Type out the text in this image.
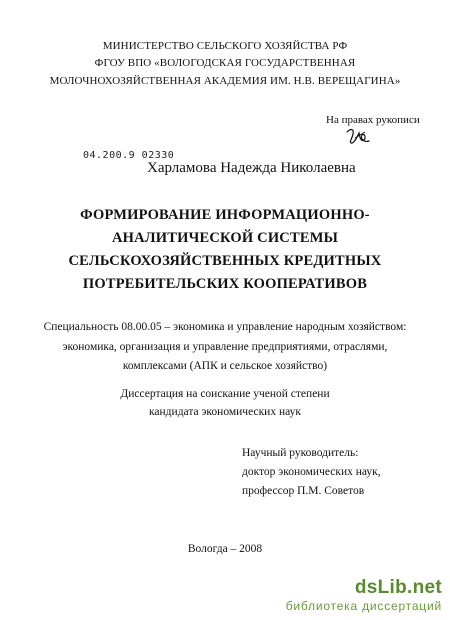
МИНИСТЕРСТВО СЕЛЬСКОГО ХОЗЯЙСТВА РФ
ФГОУ ВПО «ВОЛОГОДСКАЯ ГОСУДАРСТВЕННАЯ
МОЛОЧНОХОЗЯЙСТВЕННАЯ АКАДЕМИЯ ИМ. Н.В. ВЕРЕЩАГИНА»
На правах рукописи
04.200.9 02330
Харламова Надежда Николаевна
ФОРМИРОВАНИЕ ИНФОРМАЦИОННО-
АНАЛИТИЧЕСКОЙ СИСТЕМЫ
СЕЛЬСКОХОЗЯЙСТВЕННЫХ КРЕДИТНЫХ
ПОТРЕБИТЕЛЬСКИХ КООПЕРАТИВОВ
Специальность 08.00.05 – экономика и управление народным хозяйством:
экономика, организация и управление предприятиями, отраслями,
комплексами (АПК и сельское хозяйство)
Диссертация на соискание ученой степени
кандидата экономических наук
Научный руководитель:
доктор экономических наук,
профессор П.М. Советов
Вологда – 2008
dsLib.net
библиотека диссертаций
